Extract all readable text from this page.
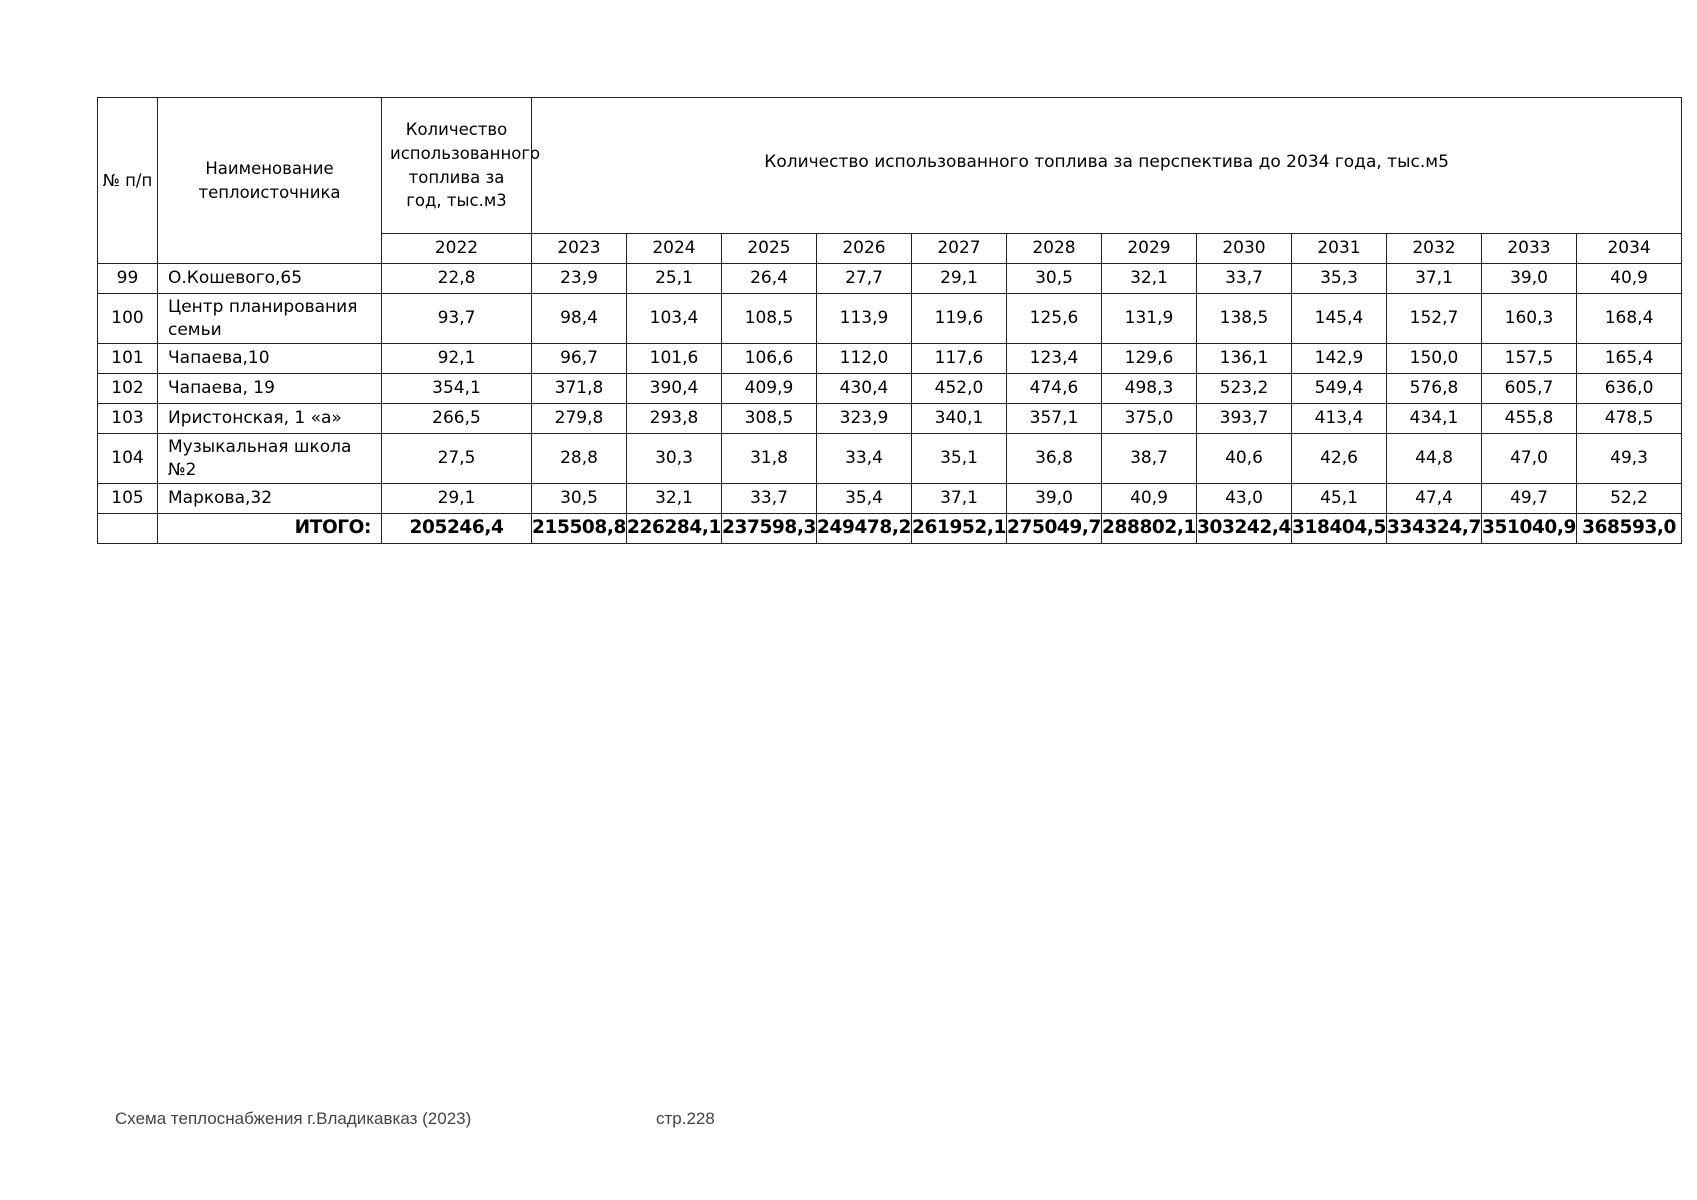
№ п/п	Наименование теплоисточника	Количество использованного топлива за год, тыс.м3	Количество использованного топлива за перспектива до 2034 года, тыс.м5											
		2022	2023	2024	2025	2026	2027	2028	2029	2030	2031	2032	2033	2034
99	О.Кошевого,65	22,8	23,9	25,1	26,4	27,7	29,1	30,5	32,1	33,7	35,3	37,1	39,0	40,9
100	Центр планирования семьи	93,7	98,4	103,4	108,5	113,9	119,6	125,6	131,9	138,5	145,4	152,7	160,3	168,4
101	Чапаева,10	92,1	96,7	101,6	106,6	112,0	117,6	123,4	129,6	136,1	142,9	150,0	157,5	165,4
102	Чапаева, 19	354,1	371,8	390,4	409,9	430,4	452,0	474,6	498,3	523,2	549,4	576,8	605,7	636,0
103	Иристонская, 1 «а»	266,5	279,8	293,8	308,5	323,9	340,1	357,1	375,0	393,7	413,4	434,1	455,8	478,5
104	Музыкальная школа №2	27,5	28,8	30,3	31,8	33,4	35,1	36,8	38,7	40,6	42,6	44,8	47,0	49,3
105	Маркова,32	29,1	30,5	32,1	33,7	35,4	37,1	39,0	40,9	43,0	45,1	47,4	49,7	52,2
	ИТОГО:	205246,4	215508,8	226284,1	237598,3	249478,2	261952,1	275049,7	288802,1	303242,4	318404,5	334324,7	351040,9	368593,0
Схема теплоснабжения г.Владикавказ (2023)	стр.228
